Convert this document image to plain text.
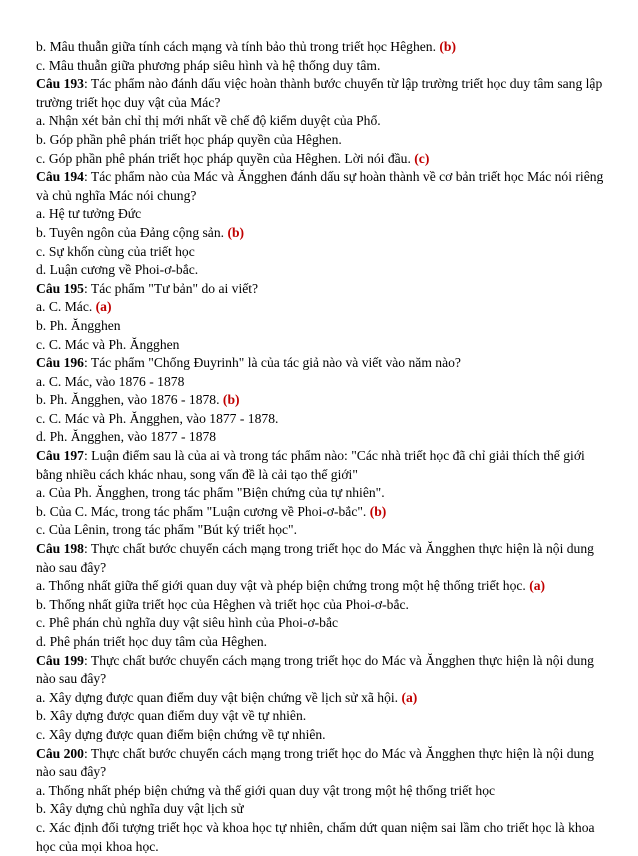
b. Mâu thuẫn giữa tính cách mạng và tính bảo thủ trong triết học Hêghen. (b)

c. Mâu thuẫn giữa phương pháp siêu hình và hệ thống duy tâm.

Câu 193: Tác phẩm nào đánh dấu việc hoàn thành bước chuyển từ lập trường triết học duy tâm sang lập trường triết học duy vật của Mác?

a. Nhận xét bản chỉ thị mới nhất về chế độ kiểm duyệt của Phổ.

b. Góp phần phê phán triết học pháp quyền của Hêghen.

c. Góp phần phê phán triết học pháp quyền của Hêghen. Lời nói đầu. (c)

Câu 194: Tác phẩm nào của Mác và Ăngghen đánh dấu sự hoàn thành về cơ bản triết học Mác nói riêng và chủ nghĩa Mác nói chung?

a. Hệ tư tưởng Đức

b. Tuyên ngôn của Đảng cộng sản. (b)

c. Sự khốn cùng của triết học

d. Luận cương về Phoi-ơ-bắc.

Câu 195: Tác phẩm "Tư bản" do ai viết?

a. C. Mác. (a)

b. Ph. Ăngghen

c. C. Mác và Ph. Ăngghen

Câu 196: Tác phẩm "Chống Đuyrinh" là của tác giả nào và viết vào năm nào?

a. C. Mác, vào 1876 - 1878

b. Ph. Ăngghen, vào 1876 - 1878. (b)

c. C. Mác và Ph. Ăngghen, vào 1877 - 1878.

d. Ph. Ăngghen, vào 1877 - 1878

Câu 197: Luận điểm sau là của ai và trong tác phẩm nào: "Các nhà triết học đã chỉ giải thích thế giới bằng nhiều cách khác nhau, song vấn đề là cải tạo thế giới"

a. Của Ph. Ăngghen, trong tác phẩm "Biện chứng của tự nhiên".

b. Của C. Mác, trong tác phẩm "Luận cương về Phoi-ơ-bắc". (b)

c. Của Lênin, trong tác phẩm "Bút ký triết học".

Câu 198: Thực chất bước chuyển cách mạng trong triết học do Mác và Ăngghen thực hiện là nội dung nào sau đây?

a. Thống nhất giữa thế giới quan duy vật và phép biện chứng trong một hệ thống triết học. (a)

b. Thống nhất giữa triết học của Hêghen và triết học của Phoi-ơ-bắc.

c. Phê phán chủ nghĩa duy vật siêu hình của Phoi-ơ-bắc

d. Phê phán triết học duy tâm của Hêghen.

Câu 199: Thực chất bước chuyển cách mạng trong triết học do Mác và Ăngghen thực hiện là nội dung nào sau đây?

a. Xây dựng được quan điểm duy vật biện chứng về lịch sử xã hội. (a)

b. Xây dựng được quan điểm duy vật về tự nhiên.

c. Xây dựng được quan điểm biện chứng về tự nhiên.

Câu 200: Thực chất bước chuyển cách mạng trong triết học do Mác và Ăngghen thực hiện là nội dung nào sau đây?

a. Thống nhất phép biện chứng và thế giới quan duy vật trong một hệ thống triết học

b. Xây dựng chủ nghĩa duy vật lịch sử

c. Xác định đối tượng triết học và khoa học tự nhiên, chấm dứt quan niệm sai lầm cho triết học là khoa học của mọi khoa học.
